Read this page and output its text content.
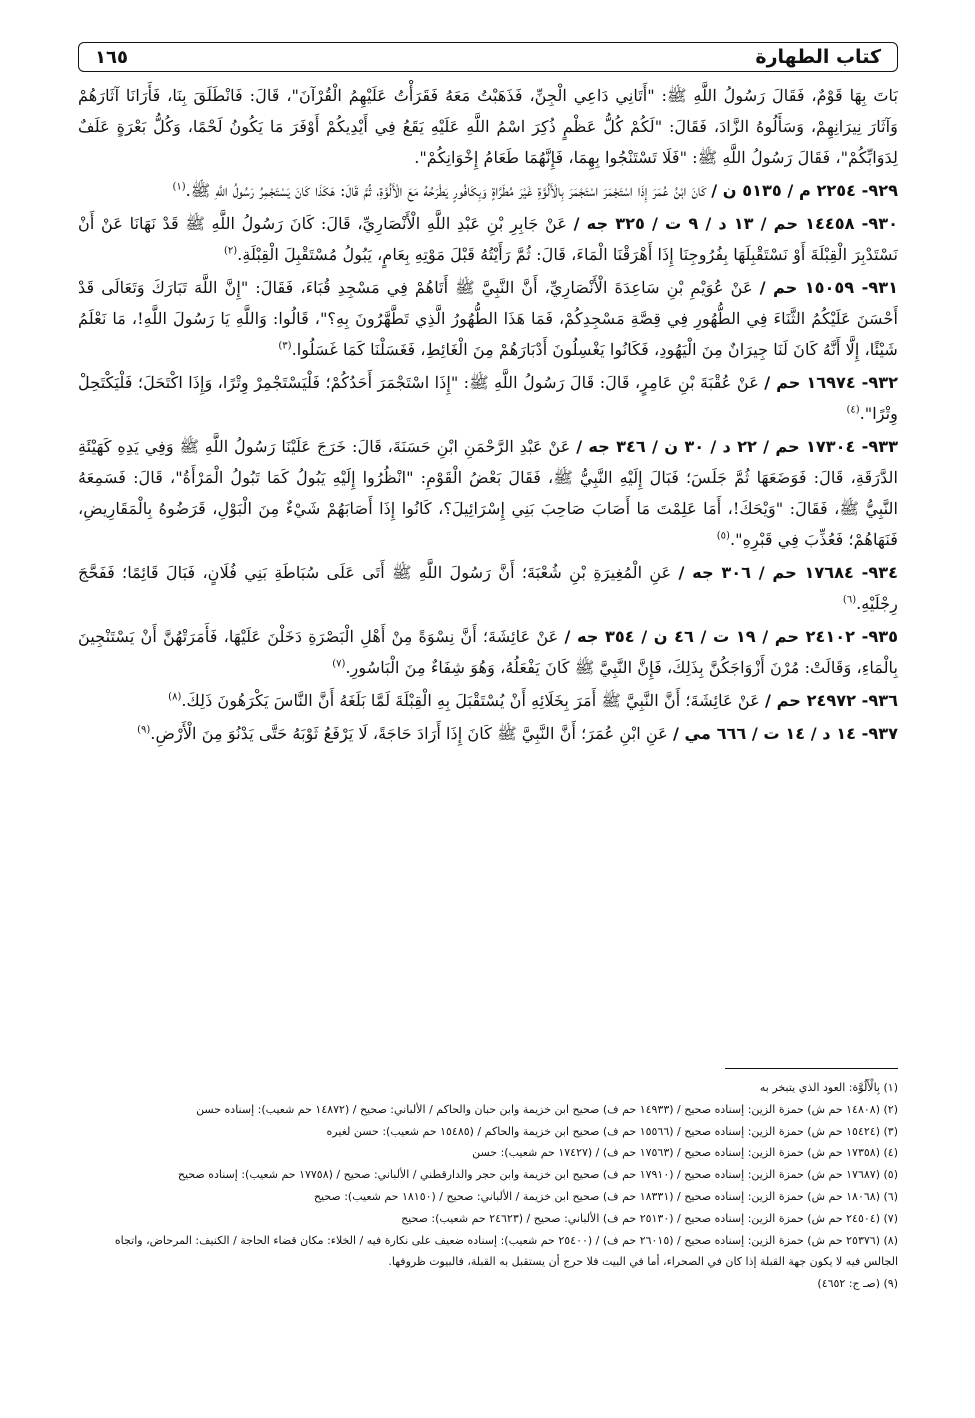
كتاب الطهارة
١٦٥

بَاتَ بِهَا قَوْمٌ، فَقَالَ رَسُولُ اللَّهِ ﷺ: "أَتَانِي دَاعِي الْجِنِّ، فَذَهَبْتُ مَعَهُ فَقَرَأْتُ عَلَيْهِمُ الْقُرْآنَ"، قَالَ: فَانْطَلَقَ بِنَا، فَأَرَانَا آثَارَهُمْ وَآثَارَ نِيرَانِهِمْ، وَسَأَلُوهُ الزَّادَ، فَقَالَ: "لَكُمْ كُلُّ عَظْمٍ ذُكِرَ اسْمُ اللَّهِ عَلَيْهِ يَقَعُ فِي أَيْدِيكُمْ أَوْفَرَ مَا يَكُونُ لَحْمًا، وَكُلُّ بَعْرَةٍ عَلَفٌ لِدَوَابِّكُمْ"، فَقَالَ رَسُولُ اللَّهِ ﷺ: "فَلَا تَسْتَنْجُوا بِهِمَا، فَإِنَّهُمَا طَعَامُ إِخْوَانِكُمْ".

٩٢٩- ٢٢٥٤ م / ٥١٣٥ ن / كَانَ ابْنُ عُمَرَ إِذَا اسْتَجْمَرَ اسْتَجْمَرَ بِالْأَلُوَّةِ غَيْرَ مُطَرَّاةٍ وَبِكَافُورٍ يَطْرَحُهُ مَعَ الْأَلُوَّةِ، ثُمَّ قَالَ: هَكَذَا كَانَ يَسْتَجْمِرُ رَسُولُ اللَّهِ ﷺ.$^{(١)}$

٩٣٠- ١٤٤٥٨ حم / ١٣ د / ٩ ت / ٣٢٥ جه / عَنْ جَابِرِ بْنِ عَبْدِ اللَّهِ الْأَنْصَارِيِّ، قَالَ: كَانَ رَسُولُ اللَّهِ ﷺ قَدْ نَهَانَا عَنْ أَنْ نَسْتَدْبِرَ الْقِبْلَةَ أَوْ نَسْتَقْبِلَهَا بِفُرُوجِنَا إِذَا أَهْرَقْنَا الْمَاءَ، قَالَ: ثُمَّ رَأَيْتُهُ قَبْلَ مَوْتِهِ بِعَامٍ، يَبُولُ مُسْتَقْبِلَ الْقِبْلَةِ.$^{(٢)}$

٩٣١- ١٥٠٥٩ حم / عَنْ عُوَيْمِ بْنِ سَاعِدَةَ الْأَنْصَارِيِّ، أَنَّ النَّبِيَّ ﷺ أَتَاهُمْ فِي مَسْجِدِ قُبَاءَ، فَقَالَ: "إِنَّ اللَّهَ تَبَارَكَ وَتَعَالَى قَدْ أَحْسَنَ عَلَيْكُمُ الثَّنَاءَ فِي الطُّهُورِ فِي قِصَّةِ مَسْجِدِكُمْ، فَمَا هَذَا الطُّهُورُ الَّذِي تَطَّهَّرُونَ بِهِ؟"، قَالُوا: وَاللَّهِ يَا رَسُولَ اللَّهِ!، مَا نَعْلَمُ شَيْئًا، إِلَّا أَنَّهُ كَانَ لَنَا جِيرَانٌ مِنَ الْيَهُودِ، فَكَانُوا يَغْسِلُونَ أَدْبَارَهُمْ مِنَ الْغَائِطِ، فَغَسَلْنَا كَمَا غَسَلُوا.$^{(٣)}$

٩٣٢- ١٦٩٧٤ حم / عَنْ عُقْبَةَ بْنِ عَامِرٍ، قَالَ: قَالَ رَسُولُ اللَّهِ ﷺ: "إِذَا اسْتَجْمَرَ أَحَدُكُمْ؛ فَلْيَسْتَجْمِرْ وِتْرًا، وَإِذَا اكْتَحَلَ؛ فَلْيَكْتَحِلْ وِتْرًا".$^{(٤)}$

٩٣٣- ١٧٣٠٤ حم / ٢٢ د / ٣٠ ن / ٣٤٦ جه / عَنْ عَبْدِ الرَّحْمَنِ ابْنِ حَسَنَةَ، قَالَ: خَرَجَ عَلَيْنَا رَسُولُ اللَّهِ ﷺ وَفِي يَدِهِ كَهَيْئَةِ الدَّرَقَةِ، قَالَ: فَوَضَعَهَا ثُمَّ جَلَسَ؛ فَبَالَ إِلَيْهِ النَّبِيُّ ﷺ، فَقَالَ بَعْضُ الْقَوْمِ: "انْظُرُوا إِلَيْهِ يَبُولُ كَمَا تَبُولُ الْمَرْأَةُ"، قَالَ: فَسَمِعَهُ النَّبِيُّ ﷺ، فَقَالَ: "وَيْحَكَ!، أَمَا عَلِمْتَ مَا أَصَابَ صَاحِبَ بَنِي إِسْرَائِيلَ؟، كَانُوا إِذَا أَصَابَهُمْ شَيْءٌ مِنَ الْبَوْلِ، قَرَضُوهُ بِالْمَقَارِيضِ، فَنَهَاهُمْ؛ فَعُذِّبَ فِي قَبْرِهِ".$^{(٥)}$

٩٣٤- ١٧٦٨٤ حم / ٣٠٦ جه / عَنِ الْمُغِيرَةِ بْنِ شُعْبَةَ؛ أَنَّ رَسُولَ اللَّهِ ﷺ أَتَى عَلَى سُبَاطَةِ بَنِي فُلَانٍ، فَبَالَ قَائِمًا؛ فَفَحَّجَ رِجْلَيْهِ.$^{(٦)}$

٩٣٥- ٢٤١٠٢ حم / ١٩ ت / ٤٦ ن / ٣٥٤ جه / عَنْ عَائِشَةَ؛ أَنَّ نِسْوَةً مِنْ أَهْلِ الْبَصْرَةِ دَخَلْنَ عَلَيْهَا، فَأَمَرَتْهُنَّ أَنْ يَسْتَنْجِينَ بِالْمَاءِ، وَقَالَتْ: مُرْنَ أَزْوَاجَكُنَّ بِذَلِكَ، فَإِنَّ النَّبِيَّ ﷺ كَانَ يَفْعَلُهُ، وَهُوَ شِفَاءٌ مِنَ الْبَاسُورِ.$^{(٧)}$

٩٣٦- ٢٤٩٧٢ حم / عَنْ عَائِشَةَ؛ أَنَّ النَّبِيَّ ﷺ أَمَرَ بِخَلَائِهِ أَنْ يُسْتَقْبَلَ بِهِ الْقِبْلَةَ لَمَّا بَلَغَهُ أَنَّ النَّاسَ يَكْرَهُونَ ذَلِكَ.$^{(٨)}$

٩٣٧- ١٤ د / ١٤ ت / ٦٦٦ مي / عَنِ ابْنِ عُمَرَ؛ أَنَّ النَّبِيَّ ﷺ كَانَ إِذَا أَرَادَ حَاجَةً، لَا يَرْفَعُ ثَوْبَهُ حَتَّى يَدْنُوَ مِنَ الْأَرْضِ.$^{(٩)}$

(١) بِالْأَلُوَّة: العود الذي يتبخر به

(٢) (١٤٨٠٨ حم ش) حمزة الزين: إسناده صحيح / (١٤٩٣٣ حم ف) صحيح ابن خزيمة وابن حبان والحاكم / الألباني: صحيح / (١٤٨٧٢ حم شعيب): إسناده حسن

(٣) (١٥٤٢٤ حم ش) حمزة الزين: إسناده صحيح / (١٥٥٦٦ حم ف) صحيح ابن خزيمة والحاكم / (١٥٤٨٥ حم شعيب): حسن لغيره

(٤) (١٧٣٥٨ حم ش) حمزة الزين: إسناده صحيح / (١٧٥٦٣ حم ف) / (١٧٤٢٧ حم شعيب): حسن

(٥) (١٧٦٨٧ حم ش) حمزة الزين: إسناده صحيح / (١٧٩١٠ حم ف) صحيح ابن خزيمة وابن حجر والدارقطني / الألباني: صحيح / (١٧٧٥٨ حم شعيب): إسناده صحيح

(٦) (١٨٠٦٨ حم ش) حمزة الزين: إسناده صحيح / (١٨٣٣١ حم ف) صحيح ابن خزيمة / الألباني: صحيح / (١٨١٥٠ حم شعيب): صحيح

(٧) (٢٤٥٠٤ حم ش) حمزة الزين: إسناده صحيح / (٢٥١٣٠ حم ف) الألباني: صحيح / (٢٤٦٢٣ حم شعيب): صحيح

(٨) (٢٥٣٧٦ حم ش) حمزة الزين: إسناده صحيح / (٢٦٠١٥ حم ف) / (٢٥٤٠٠ حم شعيب): إسناده ضعيف على نكارة فيه / الخلاء: مكان قضاء الحاجة / الكنيف: المرحاض، واتجاه الجالس فيه لا يكون جهة القبلة إذا كان في الصحراء، أما في البيت فلا حرج أن يستقبل به القبلة، فالبيوت ظروفها.

(٩) (صـ ج: ٤٦٥٢)
